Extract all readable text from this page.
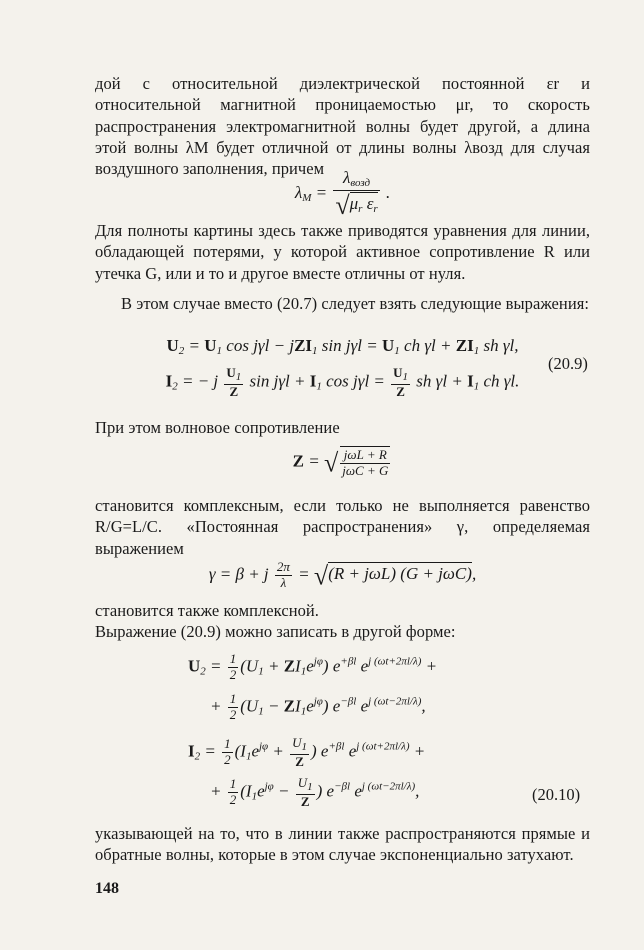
дой с относительной диэлектрической постоянной εr и относительной магнитной проницаемостью μr, то скорость распространения электромагнитной волны будет другой, а длина этой волны λM будет отличной от длины волны λвозд для случая воздушного заполнения, причем
$\lambda_M = \frac{\lambda_{возд}}{√\mu_r \varepsilon_r}$ .
Для полноты картины здесь также приводятся уравнения для линии, обладающей потерями, у которой активное сопротивление R или утечка G, или и то и другое вместе отличны от нуля.
В этом случае вместо (20.7) следует взять следующие выражения:
$U_2 = U_1$ cos jγl − jZI$_1$ $\sin j\gamma l = U_1$ ch $\gamma l + ZI_1$ sh γl,
$I_2$ = − j $\frac{U_1}{Z}$ $\sin j\gamma l + I_1$ $\cos j\gamma l = \frac{U_1}{Z}$ sh $\gamma l + I_1$ ch γl.
(20.9)
При этом волновое сопротивление
Z = √ $\frac{\text{jωL + R}}{\text{jωC + G}}$
становится комплексным, если только не выполняется равенство R/G=L/C. «Постоянная распространения» γ, определяемая выражением
γ = β + j $\frac{2\pi}{\lambda} = √(R + j\omega L) (G + j\omega C)$,
становится также комплексной.
Выражение (20.9) можно записать в другой форме:
$U_2 = \frac{1}{2} (U_1 + ZI_1e^{j\varphi})$ $e^{+\beta l}$ $e^{j (\omega t+2\pi l/\lambda)}$ +
+ $\frac{1}{2} (U_1 - ZI_1e^{j\varphi})$ $e^{-\beta l}$ $e^{j (\omega t-2\pi l/\lambda)}$,
$I_2 = \frac{1}{2} (I_1e^{j\varphi} + \frac{U_1}{Z}$ ) $e^{+\beta l}$ $e^{j (\omega t+2\pi l/\lambda)}$ +
+ $\frac{1}{2} (I_1e^{j\varphi} - \frac{U_1}{Z}$ ) $e^{-\beta l}$ $e^{j (\omega t-2\pi l/\lambda)}$,	(20.10)
указывающей на то, что в линии также распространяются прямые и обратные волны, которые в этом случае экспоненциально затухают.
148
